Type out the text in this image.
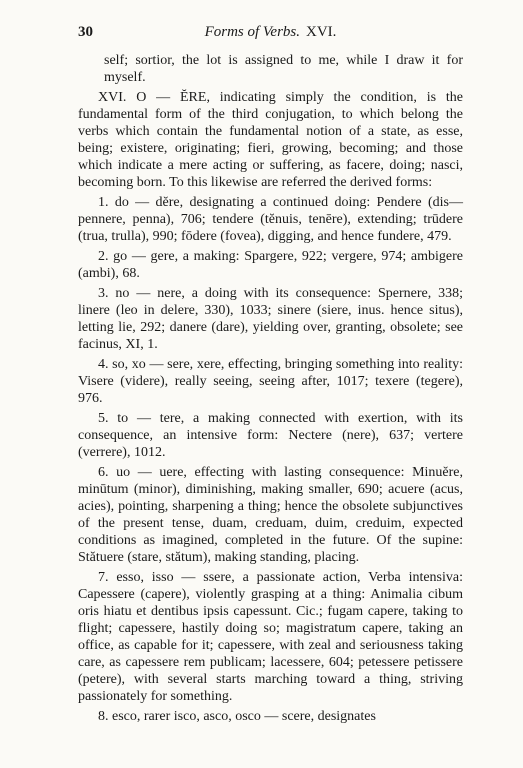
30	Forms of Verbs. XVI.

self; sortior, the lot is assigned to me, while I draw it for myself.

XVI. O — ĔRE, indicating simply the condition, is the fundamental form of the third conjugation, to which belong the verbs which contain the fundamental notion of a state, as esse, being; existere, originating; fieri, growing, becoming; and those which indicate a mere acting or suffering, as facere, doing; nasci, becoming born. To this likewise are referred the derived forms:

1. do — dĕre, designating a continued doing: Pendere (dis—pennere, penna), 706; tendere (tĕnuis, tenēre), extending; trūdere (trua, trulla), 990; fōdere (fovea), digging, and hence fundere, 479.

2. go — gere, a making: Spargere, 922; vergere, 974; ambigere (ambi), 68.

3. no — nere, a doing with its consequence: Spernere, 338; linere (leo in delere, 330), 1033; sinere (siere, inus. hence situs), letting lie, 292; danere (dare), yielding over, granting, obsolete; see facinus, XI, 1.

4. so, xo — sere, xere, effecting, bringing something into reality: Visere (videre), really seeing, seeing after, 1017; texere (tegere), 976.

5. to — tere, a making connected with exertion, with its consequence, an intensive form: Nectere (nere), 637; vertere (verrere), 1012.

6. uo — uere, effecting with lasting consequence: Minuĕre, minūtum (minor), diminishing, making smaller, 690; acuere (acus, acies), pointing, sharpening a thing; hence the obsolete subjunctives of the present tense, duam, creduam, duim, creduim, expected conditions as imagined, completed in the future. Of the supine: Stătuere (stare, stătum), making standing, placing.

7. esso, isso — ssere, a passionate action, Verba intensiva: Capessere (capere), violently grasping at a thing: Animalia cibum oris hiatu et dentibus ipsis capessunt. Cic.; fugam capere, taking to flight; capessere, hastily doing so; magistratum capere, taking an office, as capable for it; capessere, with zeal and seriousness taking care, as capessere rem publicam; lacessere, 604; petessere petissere (petere), with several starts marching toward a thing, striving passionately for something.

8. esco, rarer isco, asco, osco — scere, designates
